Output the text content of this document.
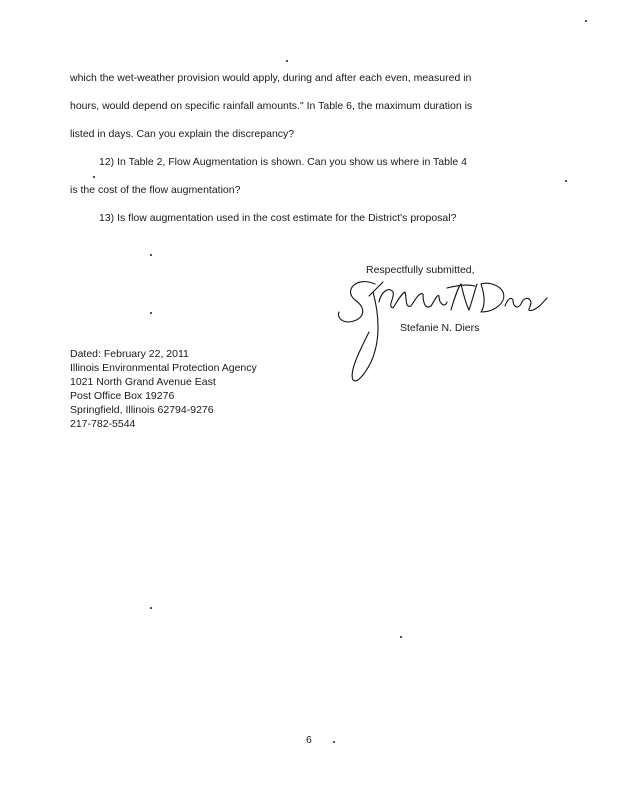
which the wet-weather provision would apply, during and after each even, measured in
hours, would depend on specific rainfall amounts." In Table 6, the maximum duration is
listed in days. Can you explain the discrepancy?
12) In Table 2, Flow Augmentation is shown. Can you show us where in Table 4
is the cost of the flow augmentation?
13) Is flow augmentation used in the cost estimate for the District's proposal?
Respectfully submitted,
Stefanie N. Diers
Dated: February 22, 2011
Illinois Environmental Protection Agency
1021 North Grand Avenue East
Post Office Box 19276
Springfield, Illinois 62794-9276
217-782-5544
6
